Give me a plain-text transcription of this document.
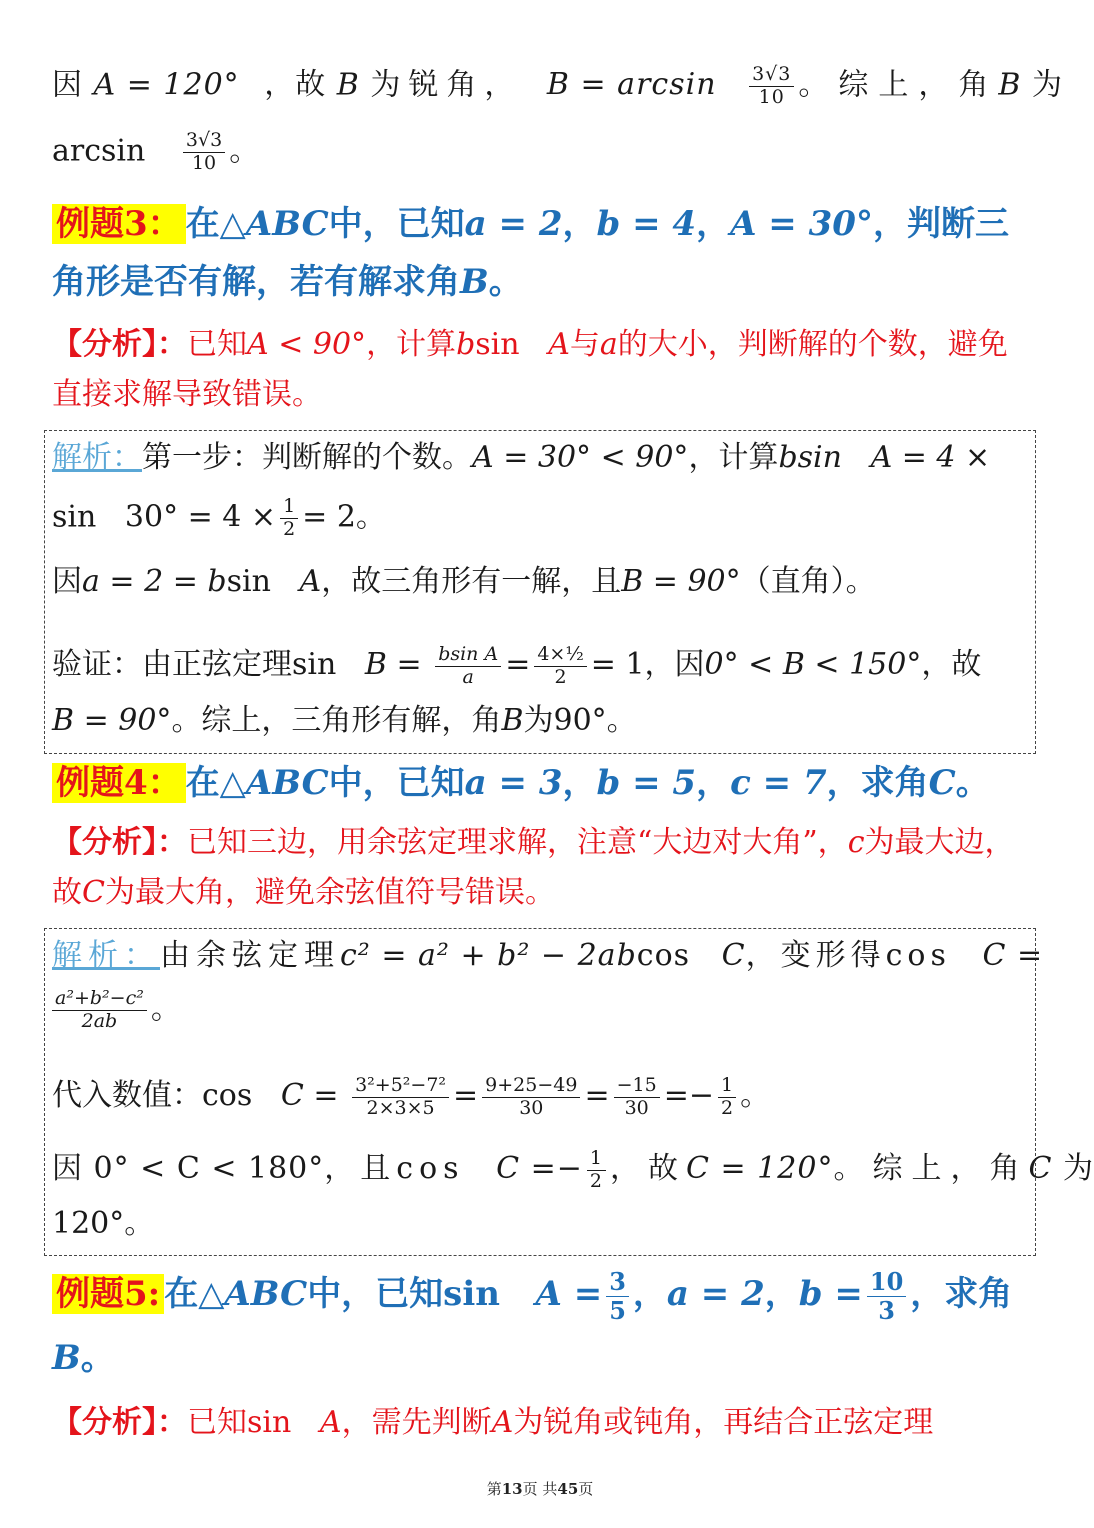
因 A = 120° ，故 B 为锐角， $B = \arcsin \frac{3√3}{10}$ 。综上，角B 为
$\arcsin \frac{3√3}{10}$ 。
例题3： 在△ABC中，已知a = 2，b = 4，A = 30°，判断三角形是否有解，若有解求角B。
【分析】：已知A < 90°，计算bsin A与a的大小，判断解的个数，避免直接求解导致错误。
解析：第一步：判断解的个数。A = 30° < 90°，计算bsin A = 4 ×
$\sin 30^\circ = 4 \times \frac{1}{2} = 2$。
因a = 2 = bsin A，故三角形有一解，且B = 90°（直角）。
验证：由正弦定理$\sin B = \frac{\text{bsin A}}{a} = \frac{\text{4×½}}{2} = 1$，因0° < B < 150°，故
B = 90°。综上，三角形有解，角B为90°。
例题4： 在△ABC中，已知a = 3，b = 5，c = 7，求角C。
【分析】：已知三边，用余弦定理求解，注意“大边对大角”，c为最大边，故C为最大角，避免余弦值符号错误。
解析：由余弦定理c² = a² + b² − 2abcos C，变形得cos C =
$\frac{\text{a²+b²−c²}}{2ab}$ 。
代入数值：$\cos C = \frac{\text{3²+5²−7²}}{2\times 3\times 5} = \frac{9+25-49}{30} = \frac{-15}{30} =- \frac{1}{2}$ 。
因 0° < C < 180°，且$\cos C =- \frac{1}{2}$ ，故C = 120°。综上，角C 为
120°。
例题5: 在△ABC中，已知$\sin A = \frac{3}{5}$ ，a = 2，$b = \frac{10}{3}$ ，求角
B。
【分析】：已知sin A，需先判断A为锐角或钝角，再结合正弦定理
第13页 共45页
